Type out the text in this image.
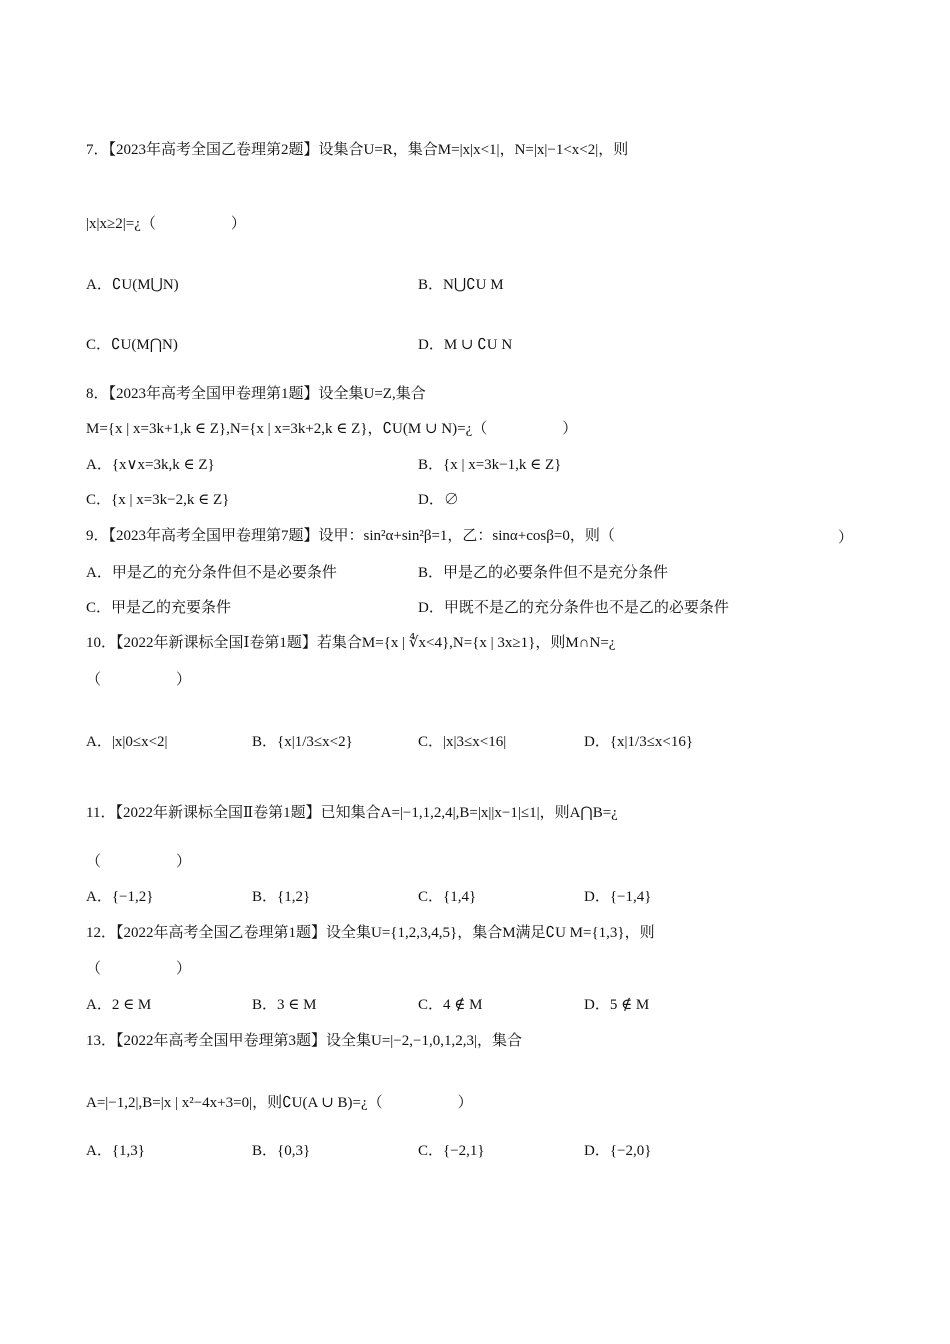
7．【2023年高考全国乙卷理第2题】设集合U=R，集合M=|x|x<1|，N=|x|−1<x<2|，则
|x|x≥2|=¿（　　　　　）
A．∁U(M⋃N)	B．N⋃∁U M
C．∁U(M⋂N)	D．M ∪ ∁U N
8．【2023年高考全国甲卷理第1题】设全集U=Z,集合
M={x | x=3k+1,k ∈ Z},N={x | x=3k+2,k ∈ Z}，∁U(M ∪ N)=¿（　　　　　）
A．{x∨x=3k,k ∈ Z}	B．{x | x=3k−1,k ∈ Z}
C．{x | x=3k−2,k ∈ Z}	D．∅
9．【2023年高考全国甲卷理第7题】设甲：sin²α+sin²β=1，乙：sinα+cosβ=0，则（	）
A．甲是乙的充分条件但不是必要条件	B．甲是乙的必要条件但不是充分条件
C．甲是乙的充要条件	D．甲既不是乙的充分条件也不是乙的必要条件
10．【2022年新课标全国Ⅰ卷第1题】若集合M={x | ∜x<4},N={x | 3x≥1}，则M∩N=¿
（　　　　　）
A．|x|0≤x<2|	B．{x|1/3≤x<2}	C．|x|3≤x<16|	D．{x|1/3≤x<16}
11．【2022年新课标全国Ⅱ卷第1题】已知集合A=|−1,1,2,4|,B=|x||x−1|≤1|，则A⋂B=¿
（　　　　　）
A．{−1,2}	B．{1,2}	C．{1,4}	D．{−1,4}
12．【2022年高考全国乙卷理第1题】设全集U={1,2,3,4,5}，集合M满足∁U M={1,3}，则
（　　　　　）
A．2 ∈ M	B．3 ∈ M	C．4 ∉ M	D．5 ∉ M
13．【2022年高考全国甲卷理第3题】设全集U=|−2,−1,0,1,2,3|，集合
A=|−1,2|,B=|x | x²−4x+3=0|，则∁U(A ∪ B)=¿（　　　　　）
A．{1,3}	B．{0,3}	C．{−2,1}	D．{−2,0}
